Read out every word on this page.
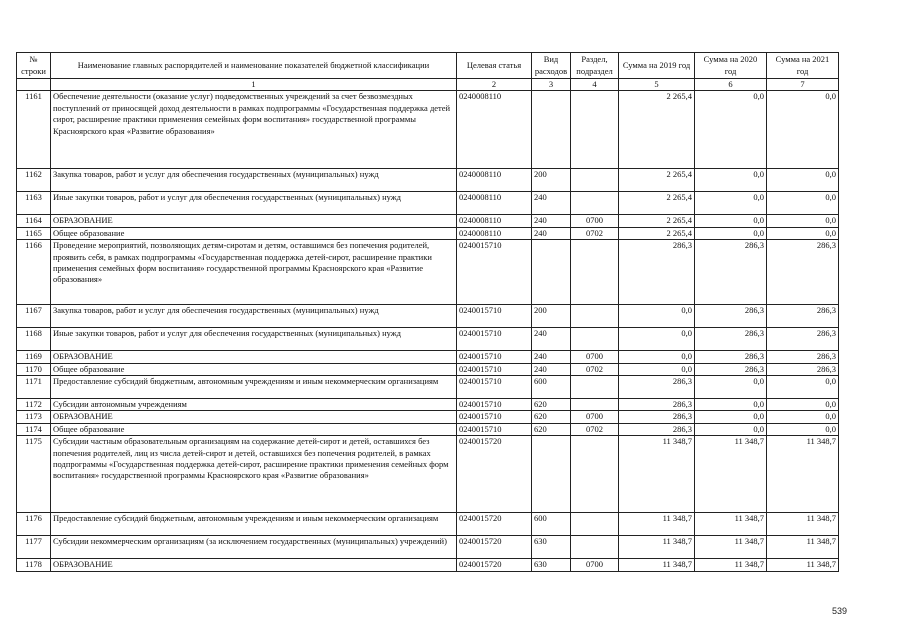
№ строки	Наименование главных распорядителей и наименование показателей бюджетной классификации	Целевая статья	Вид расходов	Раздел, подраздел	Сумма на 2019 год	Сумма на 2020 год	Сумма на 2021 год
	1	2	3	4	5	6	7
1161	Обеспечение деятельности (оказание услуг) подведомственных учреждений за счет безвозмездных поступлений от приносящей доход деятельности в рамках подпрограммы «Государственная поддержка детей сирот, расширение практики применения семейных форм воспитания» государственной программы Красноярского края «Развитие образования»	0240008110			2 265,4	0,0	0,0
1162	Закупка товаров, работ и услуг для обеспечения государственных (муниципальных) нужд	0240008110	200		2 265,4	0,0	0,0
1163	Иные закупки товаров, работ и услуг для обеспечения государственных (муниципальных) нужд	0240008110	240		2 265,4	0,0	0,0
1164	ОБРАЗОВАНИЕ	0240008110	240	0700	2 265,4	0,0	0,0
1165	Общее образование	0240008110	240	0702	2 265,4	0,0	0,0
1166	Проведение мероприятий, позволяющих детям-сиротам и детям, оставшимся без попечения родителей, проявить себя, в рамках подпрограммы «Государственная поддержка детей-сирот, расширение практики применения семейных форм воспитания» государственной программы Красноярского края «Развитие образования»	0240015710			286,3	286,3	286,3
1167	Закупка товаров, работ и услуг для обеспечения государственных (муниципальных) нужд	0240015710	200		0,0	286,3	286,3
1168	Иные закупки товаров, работ и услуг для обеспечения государственных (муниципальных) нужд	0240015710	240		0,0	286,3	286,3
1169	ОБРАЗОВАНИЕ	0240015710	240	0700	0,0	286,3	286,3
1170	Общее образование	0240015710	240	0702	0,0	286,3	286,3
1171	Предоставление субсидий бюджетным, автономным учреждениям и иным некоммерческим организациям	0240015710	600		286,3	0,0	0,0
1172	Субсидии автономным учреждениям	0240015710	620		286,3	0,0	0,0
1173	ОБРАЗОВАНИЕ	0240015710	620	0700	286,3	0,0	0,0
1174	Общее образование	0240015710	620	0702	286,3	0,0	0,0
1175	Субсидии частным образовательным организациям на содержание детей-сирот и детей, оставшихся без попечения родителей, лиц из числа детей-сирот и детей, оставшихся без попечения родителей, в рамках подпрограммы «Государственная поддержка детей-сирот, расширение практики применения семейных форм воспитания» государственной программы Красноярского края «Развитие образования»	0240015720			11 348,7	11 348,7	11 348,7
1176	Предоставление субсидий бюджетным, автономным учреждениям и иным некоммерческим организациям	0240015720	600		11 348,7	11 348,7	11 348,7
1177	Субсидии некоммерческим организациям (за исключением государственных (муниципальных) учреждений)	0240015720	630		11 348,7	11 348,7	11 348,7
1178	ОБРАЗОВАНИЕ	0240015720	630	0700	11 348,7	11 348,7	11 348,7
539
